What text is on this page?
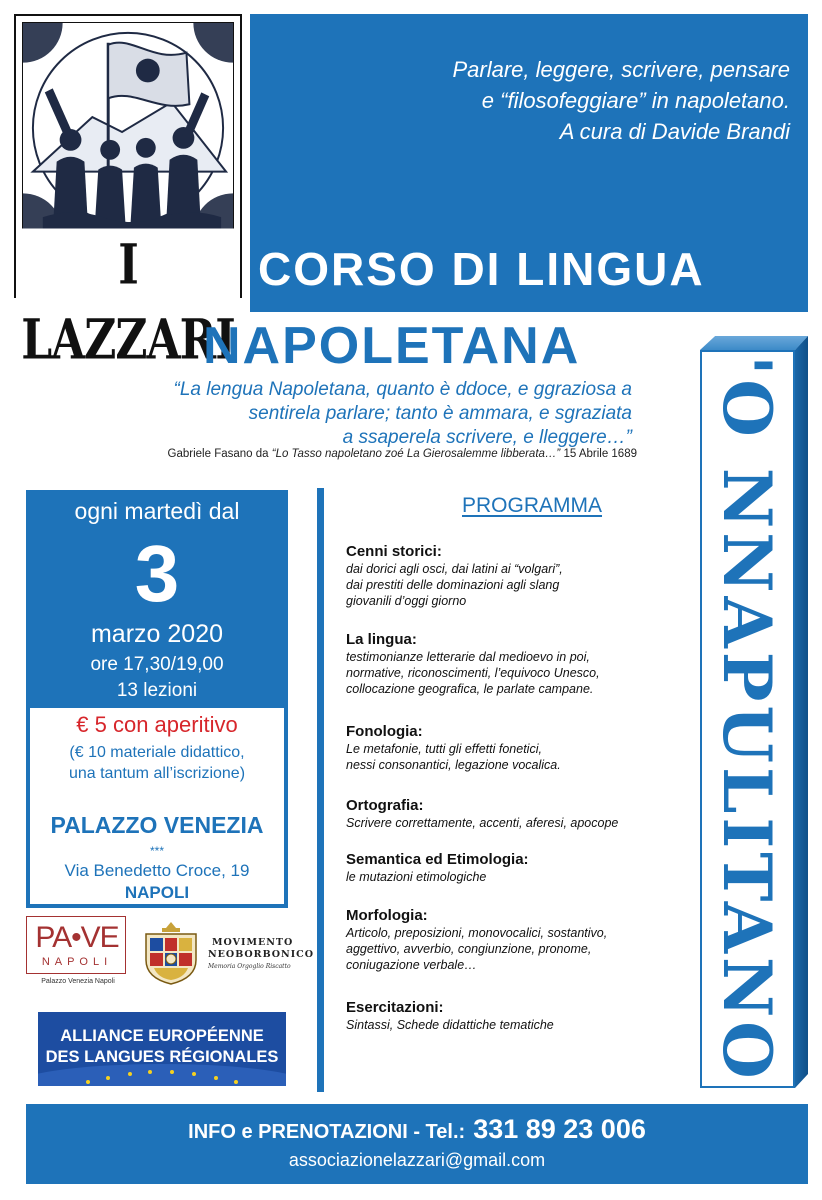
I LAZZARI
Parlare, leggere, scrivere, pensare
e “filosofeggiare” in napoletano.
A cura di Davide Brandi
CORSO DI LINGUA
NAPOLETANA
“La lengua Napoletana, quanto è ddoce, e ggraziosa a
sentirela parlare; tanto è ammara, e sgraziata
a ssaperela scrivere, e lleggere…”
Gabriele Fasano da “Lo Tasso napoletano zoé La Gierosalemme libberata…” 15 Abrile 1689 'O NNAPULITANO
ogni martedì dal
3
marzo 2020
ore 17,30/19,00
13 lezioni
€ 5 con aperitivo
(€ 10 materiale didattico,
una tantum all’iscrizione)
PALAZZO VENEZIA
***
Via Benedetto Croce, 19
NAPOLI
PROGRAMMA
Cenni storici:
dai dorici agli osci, dai latini ai “volgari”,
dai prestiti delle dominazioni agli slang
giovanili d’oggi giorno
La lingua:
testimonianze letterarie dal medioevo in poi,
normative, riconoscimenti, l’equivoco Unesco,
collocazione geografica, le parlate campane.
Fonologia:
Le metafonie, tutti gli effetti fonetici,
nessi consonantici, legazione vocalica.
Ortografia:
Scrivere correttamente, accenti, aferesi, apocope
Semantica ed Etimologia:
le mutazioni etimologiche
Morfologia:
Articolo, preposizioni, monovocalici, sostantivo,
aggettivo, avverbio, congiunzione, pronome,
coniugazione verbale…
Esercitazioni:
Sintassi, Schede didattiche tematiche
PA•VE
NAPOLI
Palazzo Venezia Napoli
MOVIMENTO
NEOBORBONICO
Memoria Orgoglio Riscatto
ALLIANCE EUROPÉENNE
DES LANGUES RÉGIONALES
INFO e PRENOTAZIONI - Tel.: 331 89 23 006
associazionelazzari@gmail.com
